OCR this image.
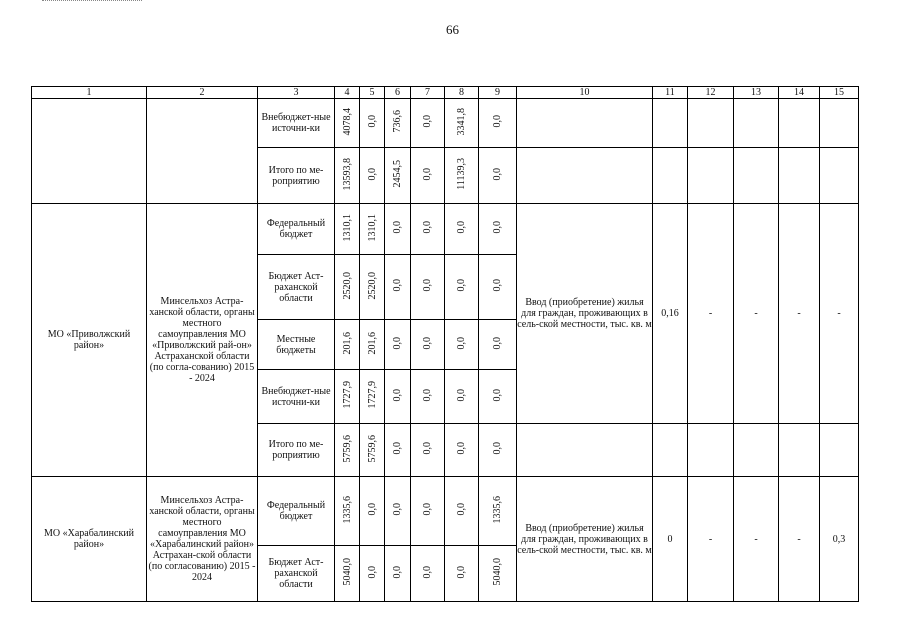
66
1	2	3	4	5	6	7	8	9	10	11	12	13	14	15
		Внебюджет-ные источни-ки	4078,4	0,0	736,6	0,0	3341,8	0,0						
		Итого по ме-роприятию	13593,8	0,0	2454,5	0,0	11139,3	0,0						
МО «Приволжский район»	Минсельхоз Астра-ханской области, органы местного самоуправления МО «Приволжский рай-он» Астраханской области (по согла-сованию) 2015 - 2024	Федеральный бюджет	1310,1	1310,1	0,0	0,0	0,0	0,0	Ввод (приобретение) жилья для граждан, проживающих в сель-ской местности, тыс. кв. м	0,16	-	-	-	-
		Бюджет Аст-раханской области	2520,0	2520,0	0,0	0,0	0,0	0,0						
		Местные бюджеты	201,6	201,6	0,0	0,0	0,0	0,0						
		Внебюджет-ные источни-ки	1727,9	1727,9	0,0	0,0	0,0	0,0						
		Итого по ме-роприятию	5759,6	5759,6	0,0	0,0	0,0	0,0						
МО «Харабалинский район»	Минсельхоз Астра-ханской области, органы местного самоуправления МО «Харабалинский район» Астрахан-ской области (по согласованию) 2015 - 2024	Федеральный бюджет	1335,6	0,0	0,0	0,0	0,0	1335,6	Ввод (приобретение) жилья для граждан, проживающих в сель-ской местности, тыс. кв. м	0	-	-	-	0,3
		Бюджет Аст-раханской области	5040,0	0,0	0,0	0,0	0,0	5040,0						
